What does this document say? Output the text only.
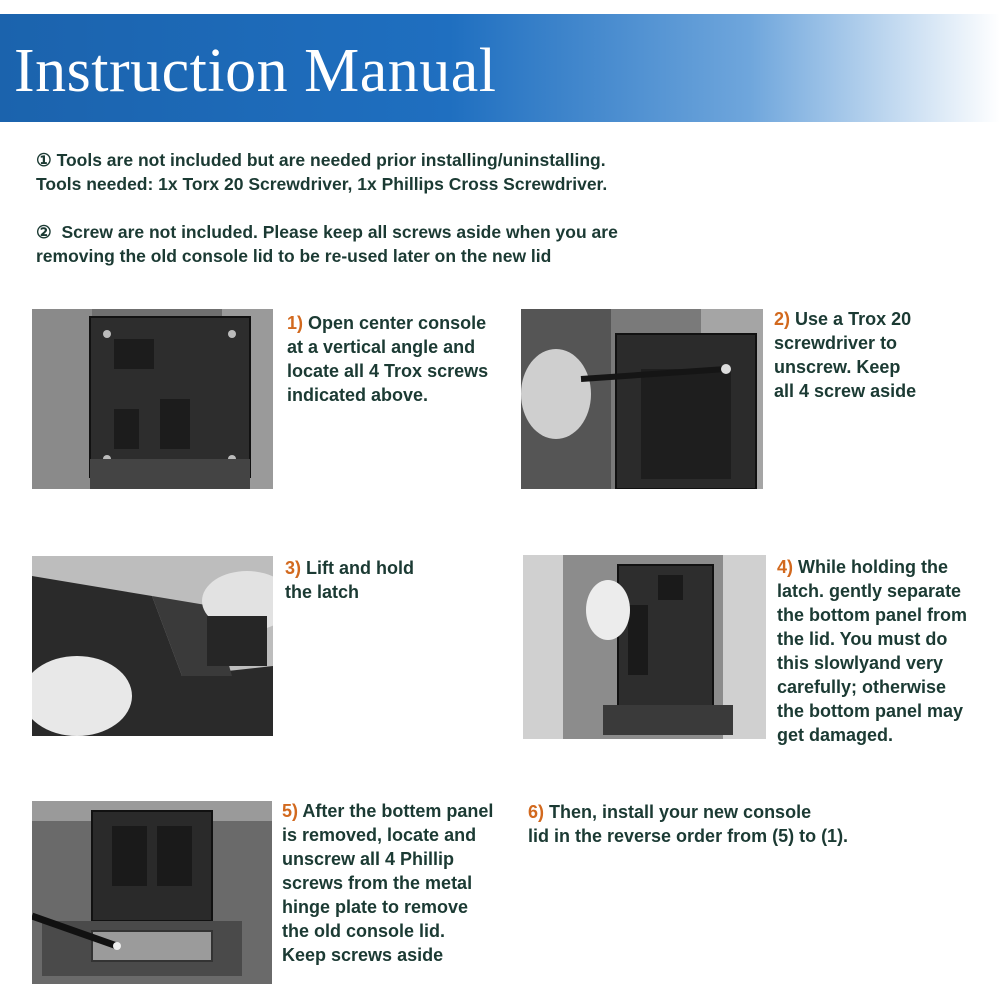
Instruction Manual
① Tools are not included but are needed prior installing/uninstalling.
Tools needed: 1x Torx 20 Screwdriver, 1x Phillips Cross Screwdriver.
② Screw are not included. Please keep all screws aside when you are
removing the old console lid to be re-used later on the new lid
1) Open center console
at a vertical angle and
locate all 4 Trox screws
indicated above.
2) Use a Trox 20
screwdriver to
unscrew. Keep
all 4 screw aside
3) Lift and hold
the latch
4) While holding the
latch. gently separate
the bottom panel from
the lid. You must do
this slowlyand very
carefully; otherwise
the bottom panel may
get damaged.
5) After the bottem panel
is removed, locate and
unscrew all 4 Phillip
screws from the metal
hinge plate to remove
the old console lid.
Keep screws aside
6) Then, install your new console
lid in the reverse order from (5) to (1).
